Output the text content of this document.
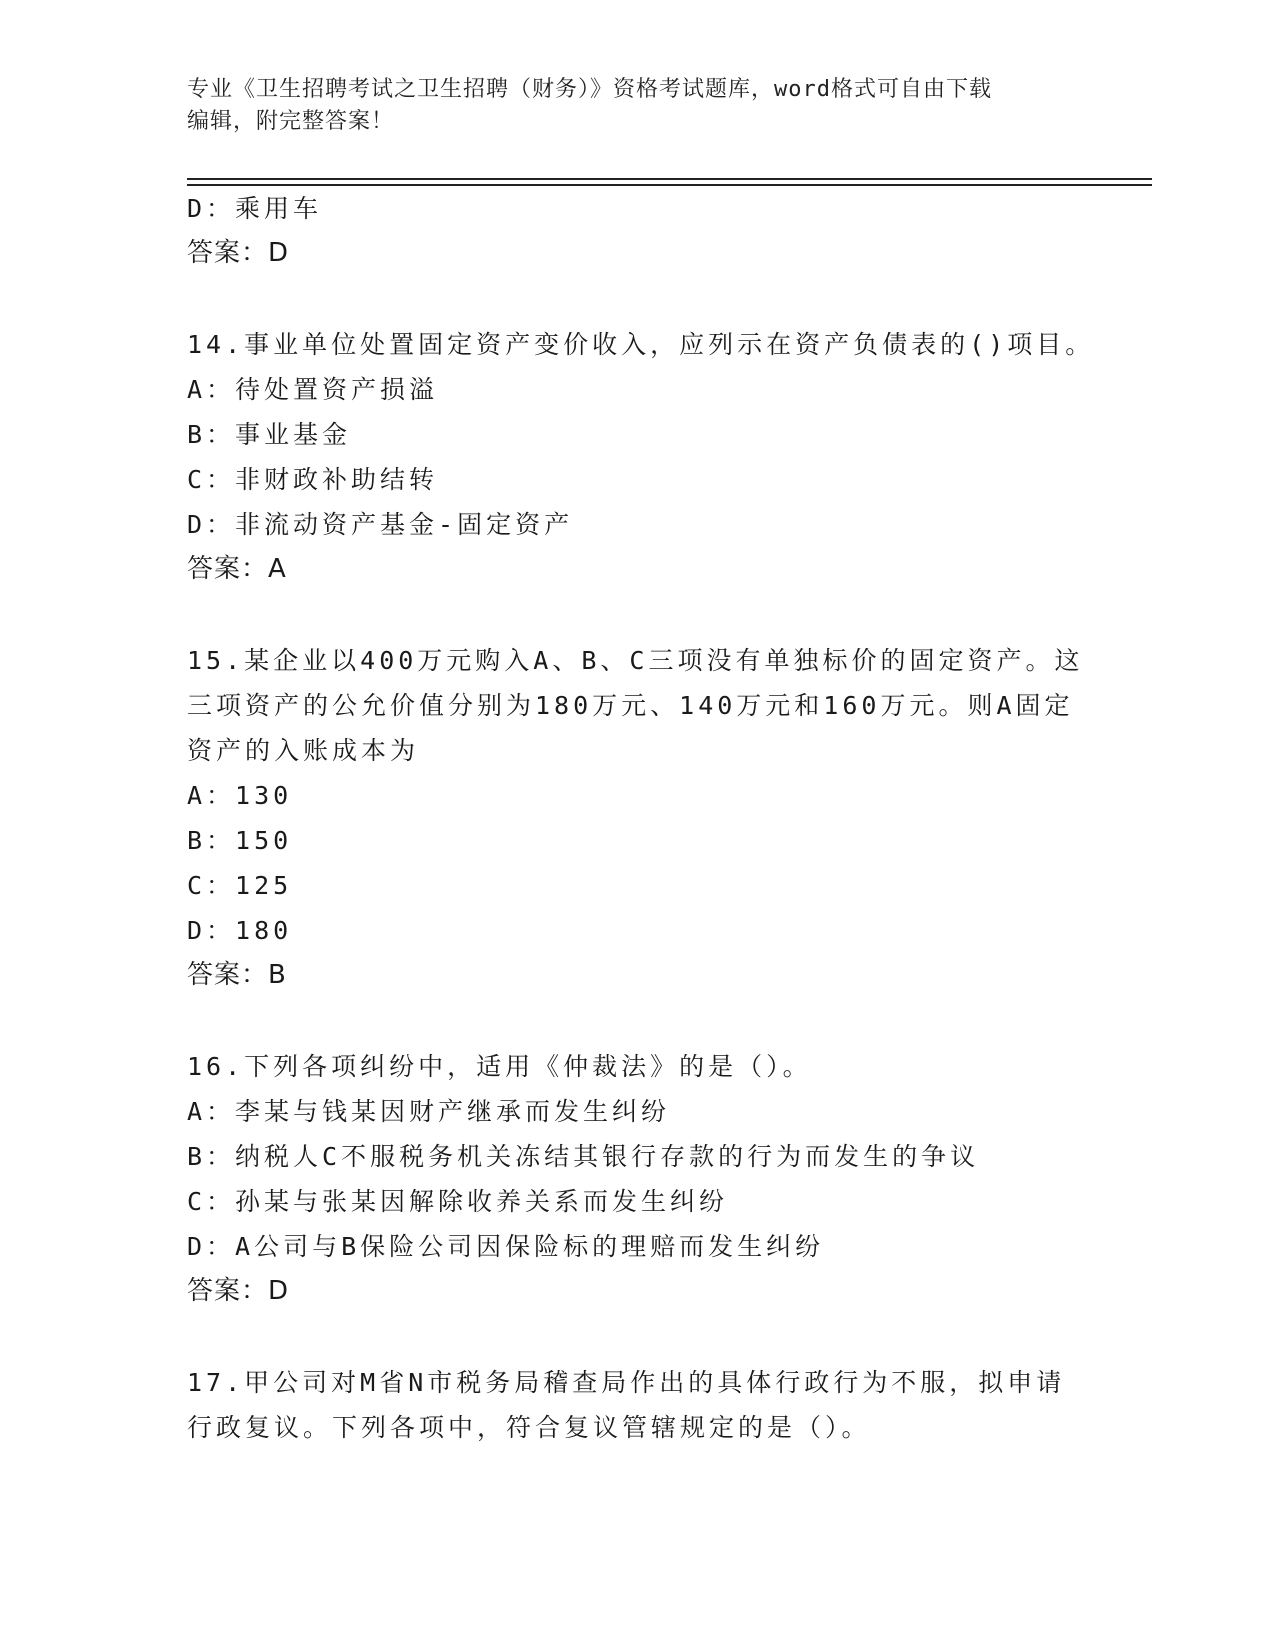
专业《卫生招聘考试之卫生招聘（财务）》资格考试题库，word格式可自由下载
编辑，附完整答案！
D：乘用车
答案：D
14.事业单位处置固定资产变价收入，应列示在资产负债表的()项目。
A：待处置资产损溢
B：事业基金
C：非财政补助结转
D：非流动资产基金-固定资产
答案：A
15.某企业以400万元购入A、B、C三项没有单独标价的固定资产。这
三项资产的公允价值分别为180万元、140万元和160万元。则A固定
资产的入账成本为
A：130
B：150
C：125
D：180
答案：B
16.下列各项纠纷中，适用《仲裁法》的是（）。
A：李某与钱某因财产继承而发生纠纷
B：纳税人C不服税务机关冻结其银行存款的行为而发生的争议
C：孙某与张某因解除收养关系而发生纠纷
D：A公司与B保险公司因保险标的理赔而发生纠纷
答案：D
17.甲公司对M省N市税务局稽查局作出的具体行政行为不服，拟申请
行政复议。下列各项中，符合复议管辖规定的是（）。
